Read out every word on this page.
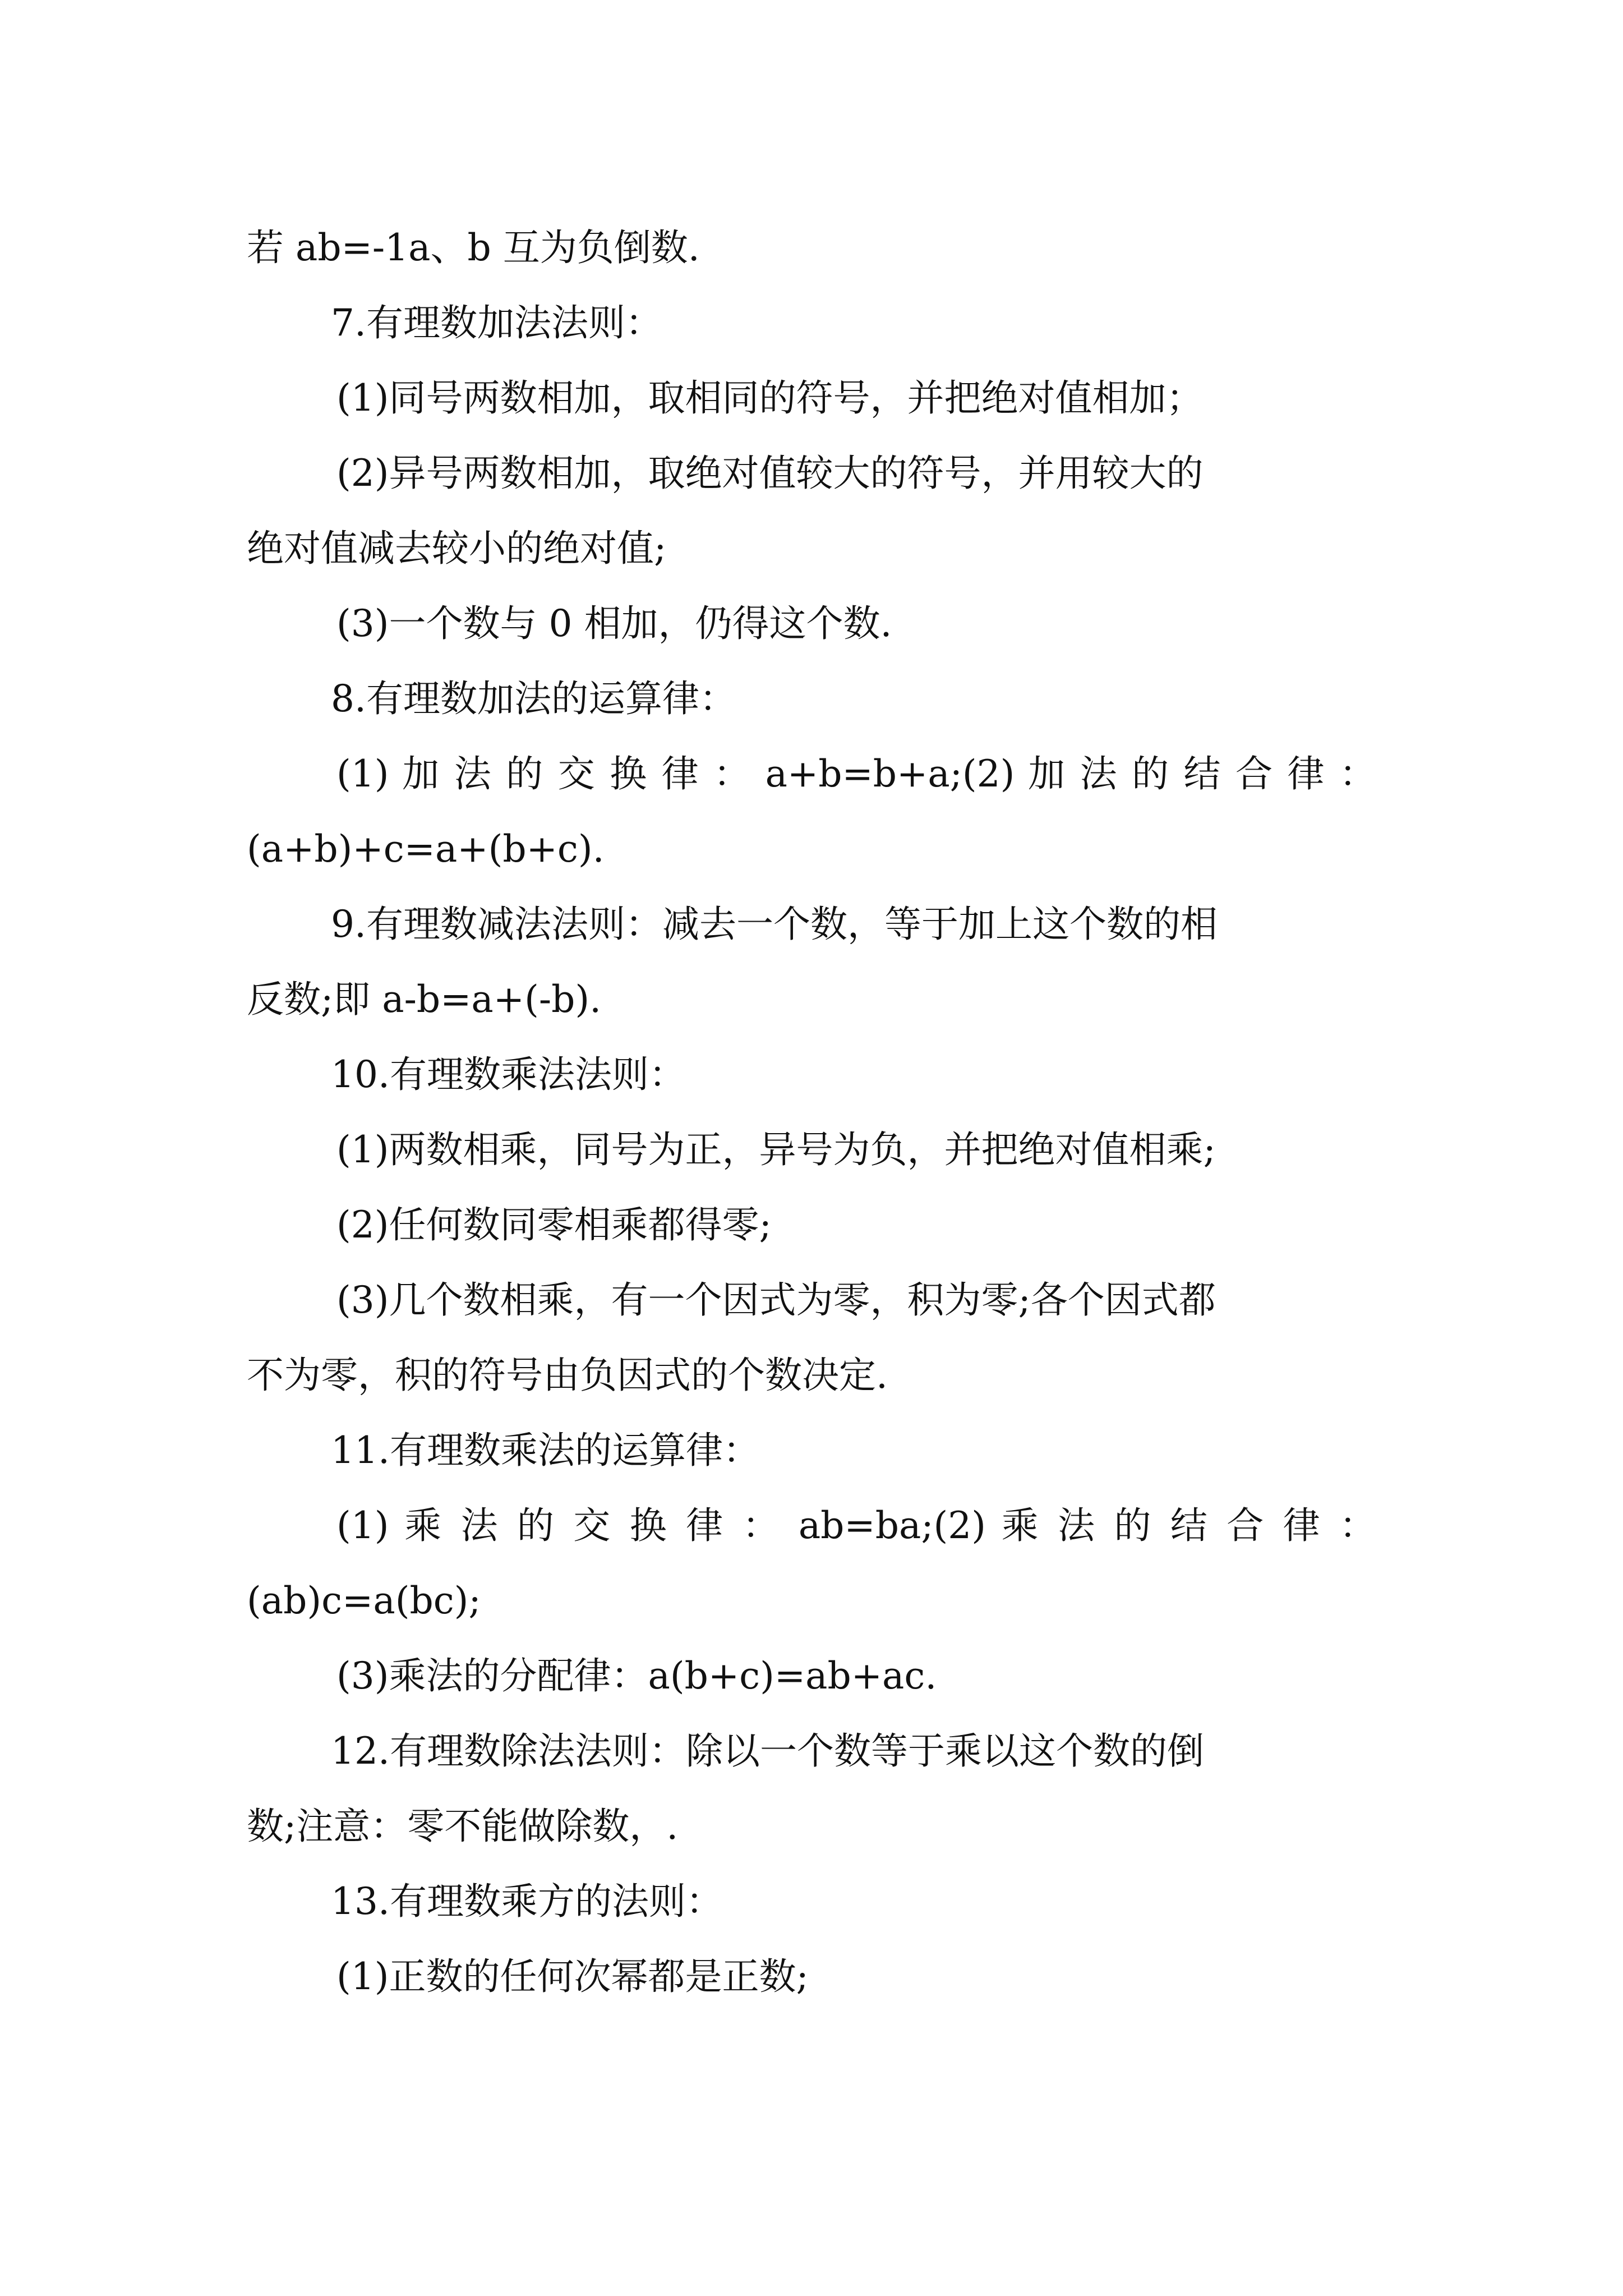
若 ab=-1a、b 互为负倒数.

7.有理数加法法则：

(1)同号两数相加，取相同的符号，并把绝对值相加；

(2)异号两数相加，取绝对值较大的符号，并用较大的

绝对值减去较小的绝对值;

(3)一个数与 0 相加，仍得这个数.

8.有理数加法的运算律：

(1) 加 法 的 交 换 律 ： a+b=b+a;(2) 加 法 的 结 合 律 ：

(a+b)+c=a+(b+c).

9.有理数减法法则：减去一个数，等于加上这个数的相

反数;即 a-b=a+(-b).

10.有理数乘法法则：

(1)两数相乘，同号为正，异号为负，并把绝对值相乘;

(2)任何数同零相乘都得零;

(3)几个数相乘，有一个因式为零，积为零;各个因式都

不为零，积的符号由负因式的个数决定.

11.有理数乘法的运算律：

(1) 乘 法 的 交 换 律 ： ab=ba;(2) 乘 法 的 结 合 律 ：

(ab)c=a(bc);

(3)乘法的分配律：a(b+c)=ab+ac.

12.有理数除法法则：除以一个数等于乘以这个数的倒

数;注意：零不能做除数，.

13.有理数乘方的法则：

(1)正数的任何次幂都是正数;
